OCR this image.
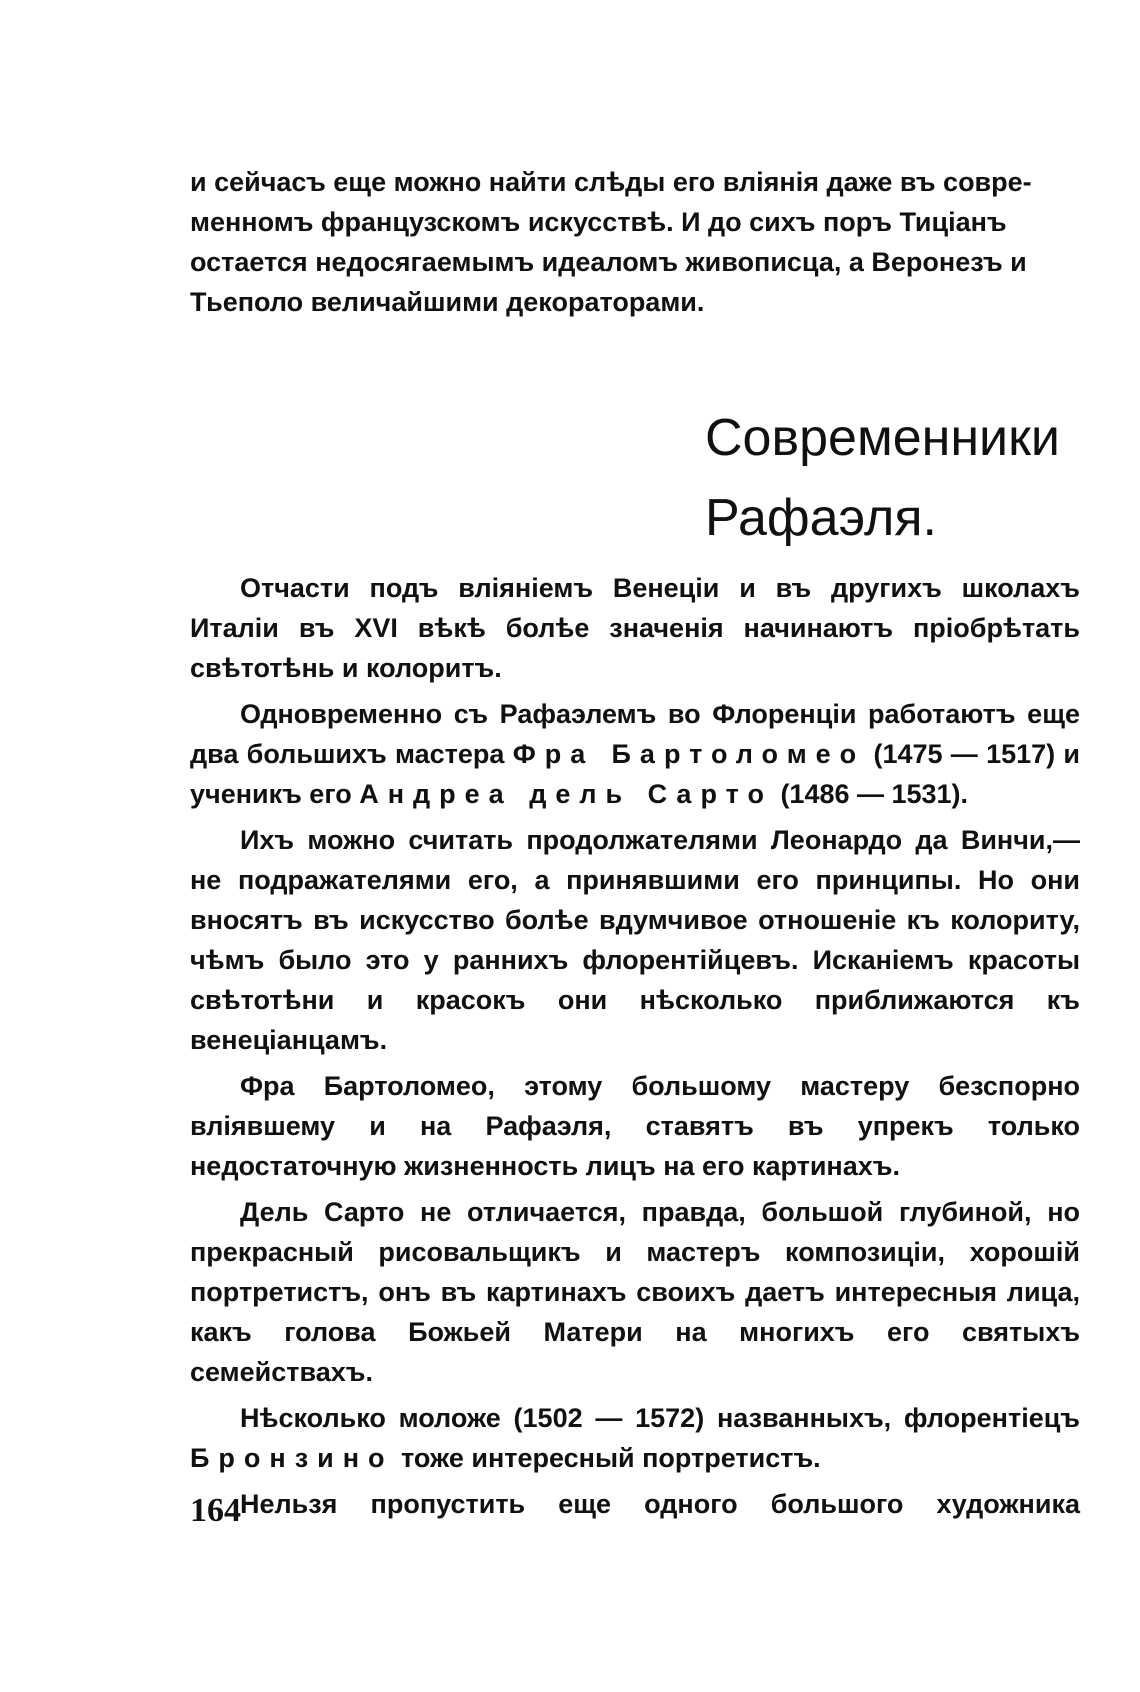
и сейчасъ еще можно найти слѣды его вліянія даже въ совре-

менномъ французскомъ искусствѣ. И до сихъ поръ Тиціанъ

остается недосягаемымъ идеаломъ живописца, а Веронезъ и

Тьеполо величайшими декораторами.

Современники
Рафаэля.

Отчасти подъ вліяніемъ Венеціи и въ другихъ школахъ Италіи въ XVI вѣкѣ болѣе значенія начинаютъ пріобрѣтать свѣтотѣнь и колоритъ.

Одновременно съ Рафаэлемъ во Флоренціи работаютъ еще два большихъ мастера Фра Бартоломео (1475 — 1517) и ученикъ его Андреа дель Сарто (1486 — 1531).

Ихъ можно считать продолжателями Леонардо да Винчи,— не подражателями его, а принявшими его принципы. Но они вносятъ въ искусство болѣе вдумчивое отношеніе къ колориту, чѣмъ было это у раннихъ флорентійцевъ. Исканіемъ красоты свѣтотѣни и красокъ они нѣсколько приближаются къ венеціанцамъ.

Фра Бартоломео, этому большому мастеру безспорно вліявшему и на Рафаэля, ставятъ въ упрекъ только недостаточную жизненность лицъ на его картинахъ.

Дель Сарто не отличается, правда, большой глубиной, но прекрасный рисовальщикъ и мастеръ композиціи, хорошій портретистъ, онъ въ картинахъ своихъ даетъ интересныя лица, какъ голова Божьей Матери на многихъ его святыхъ семействахъ.

Нѣсколько моложе (1502 — 1572) названныхъ, флорентіецъ Бронзино тоже интересный портретистъ.

Нельзя пропустить еще одного большого художника

164
